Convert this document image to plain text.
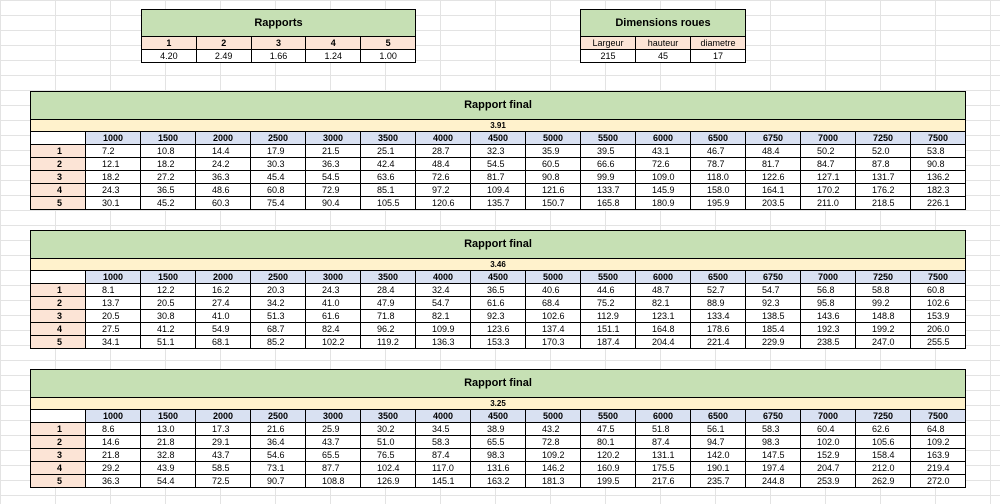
Rapports				
1	2	3	4	5
4.20	2.49	1.66	1.24	1.00
Dimensions roues		
Largeur	hauteur	diametre
215	45	17
Rapport final																
3.91																
	1000	1500	2000	2500	3000	3500	4000	4500	5000	5500	6000	6500	6750	7000	7250	7500
1	7.2	10.8	14.4	17.9	21.5	25.1	28.7	32.3	35.9	39.5	43.1	46.7	48.4	50.2	52.0	53.8
2	12.1	18.2	24.2	30.3	36.3	42.4	48.4	54.5	60.5	66.6	72.6	78.7	81.7	84.7	87.8	90.8
3	18.2	27.2	36.3	45.4	54.5	63.6	72.6	81.7	90.8	99.9	109.0	118.0	122.6	127.1	131.7	136.2
4	24.3	36.5	48.6	60.8	72.9	85.1	97.2	109.4	121.6	133.7	145.9	158.0	164.1	170.2	176.2	182.3
5	30.1	45.2	60.3	75.4	90.4	105.5	120.6	135.7	150.7	165.8	180.9	195.9	203.5	211.0	218.5	226.1
Rapport final																
3.46																
	1000	1500	2000	2500	3000	3500	4000	4500	5000	5500	6000	6500	6750	7000	7250	7500
1	8.1	12.2	16.2	20.3	24.3	28.4	32.4	36.5	40.6	44.6	48.7	52.7	54.7	56.8	58.8	60.8
2	13.7	20.5	27.4	34.2	41.0	47.9	54.7	61.6	68.4	75.2	82.1	88.9	92.3	95.8	99.2	102.6
3	20.5	30.8	41.0	51.3	61.6	71.8	82.1	92.3	102.6	112.9	123.1	133.4	138.5	143.6	148.8	153.9
4	27.5	41.2	54.9	68.7	82.4	96.2	109.9	123.6	137.4	151.1	164.8	178.6	185.4	192.3	199.2	206.0
5	34.1	51.1	68.1	85.2	102.2	119.2	136.3	153.3	170.3	187.4	204.4	221.4	229.9	238.5	247.0	255.5
Rapport final																
3.25																
	1000	1500	2000	2500	3000	3500	4000	4500	5000	5500	6000	6500	6750	7000	7250	7500
1	8.6	13.0	17.3	21.6	25.9	30.2	34.5	38.9	43.2	47.5	51.8	56.1	58.3	60.4	62.6	64.8
2	14.6	21.8	29.1	36.4	43.7	51.0	58.3	65.5	72.8	80.1	87.4	94.7	98.3	102.0	105.6	109.2
3	21.8	32.8	43.7	54.6	65.5	76.5	87.4	98.3	109.2	120.2	131.1	142.0	147.5	152.9	158.4	163.9
4	29.2	43.9	58.5	73.1	87.7	102.4	117.0	131.6	146.2	160.9	175.5	190.1	197.4	204.7	212.0	219.4
5	36.3	54.4	72.5	90.7	108.8	126.9	145.1	163.2	181.3	199.5	217.6	235.7	244.8	253.9	262.9	272.0
